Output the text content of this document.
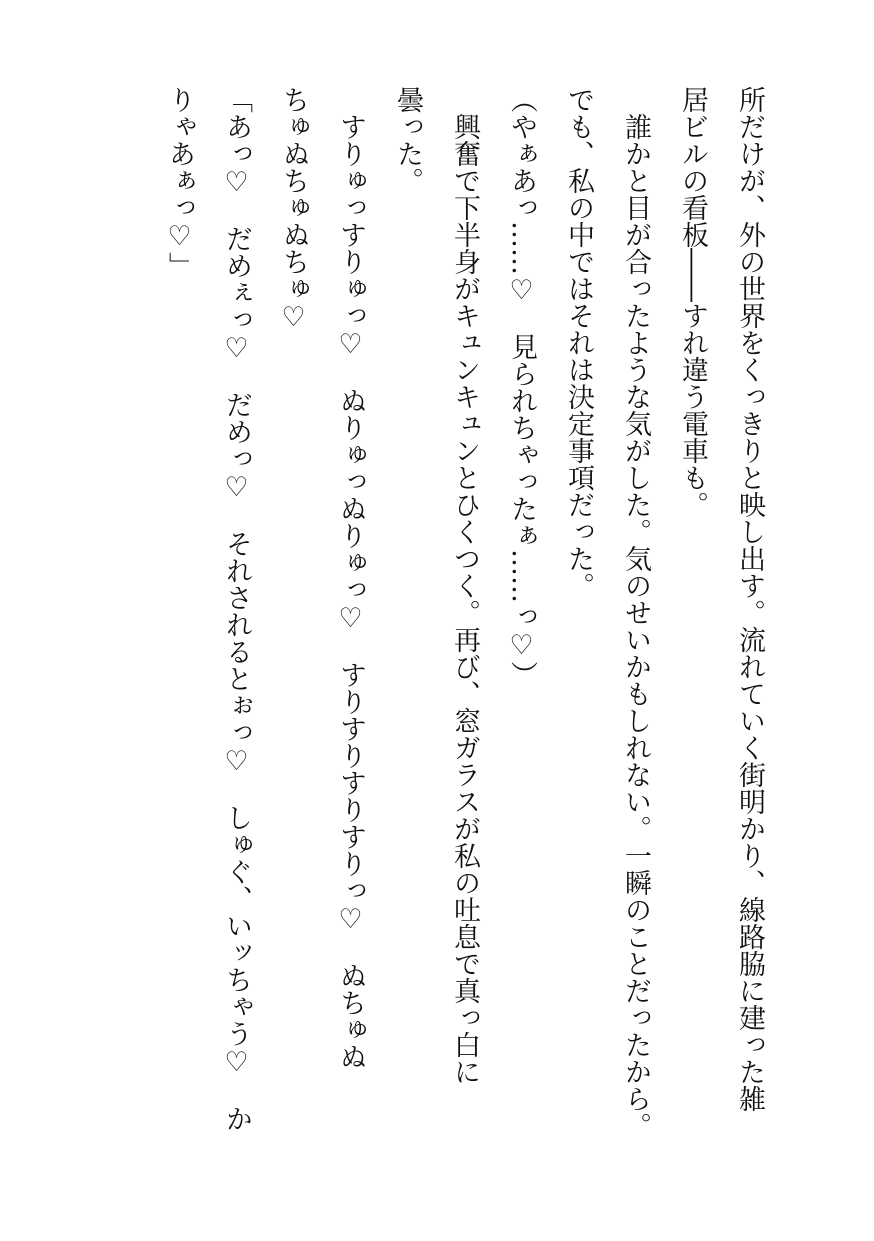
所だけが、外の世界をくっきりと映し出す。流れていく街明かり、線路脇に建った雑

居ビルの看板――すれ違う電車も。

　誰かと目が合ったような気がした。気のせいかもしれない。一瞬のことだったから。

でも、私の中ではそれは決定事項だった。

（やぁあっ……♡　見られちゃったぁ……っ♡）

　興奮で下半身がキュンキュンとひくつく。再び、窓ガラスが私の吐息で真っ白に

曇った。

　すりゅっすりゅっ♡　ぬりゅっぬりゅっ♡　すりすりすりすりっ♡　ぬちゅぬ

ちゅぬちゅぬちゅ♡

「あっ♡　だめぇっ♡　だめっ♡　それされるとぉっ♡　しゅぐ、いッちゃう♡　か

りゃあぁっ♡」
